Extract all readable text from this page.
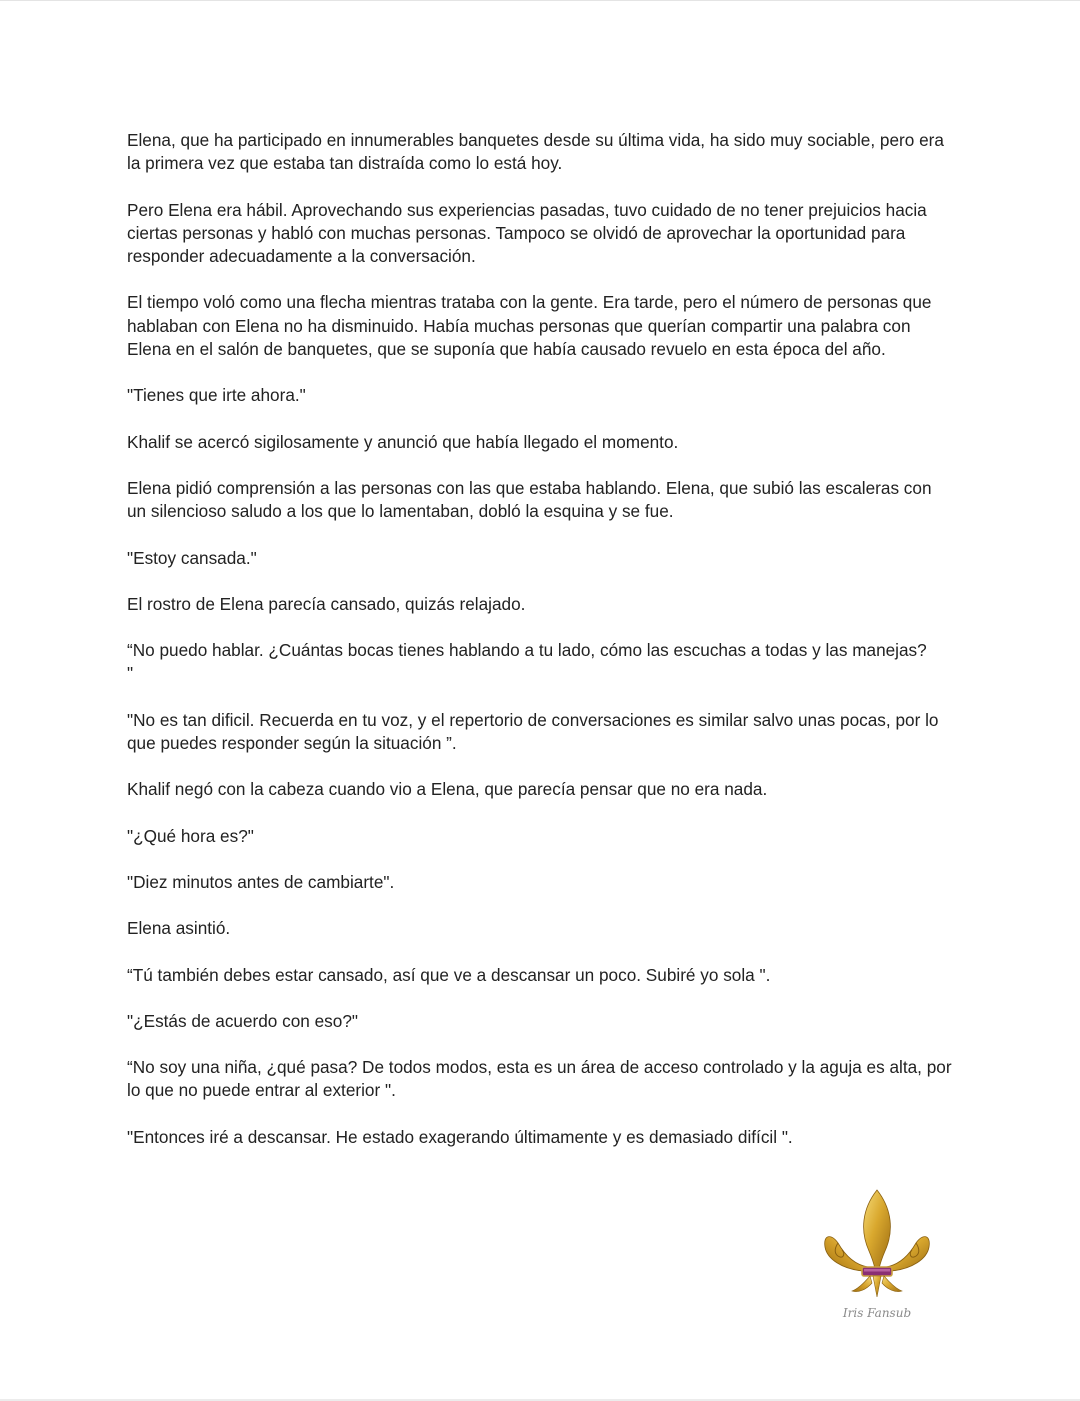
Elena, que ha participado en innumerables banquetes desde su última vida, ha sido muy sociable, pero era la primera vez que estaba tan distraída como lo está hoy.

Pero Elena era hábil. Aprovechando sus experiencias pasadas, tuvo cuidado de no tener prejuicios hacia ciertas personas y habló con muchas personas. Tampoco se olvidó de aprovechar la oportunidad para responder adecuadamente a la conversación.

El tiempo voló como una flecha mientras trataba con la gente. Era tarde, pero el número de personas que hablaban con Elena no ha disminuido. Había muchas personas que querían compartir una palabra con Elena en el salón de banquetes, que se suponía que había causado revuelo en esta época del año.

"Tienes que irte ahora."

Khalif se acercó sigilosamente y anunció que había llegado el momento.

Elena pidió comprensión a las personas con las que estaba hablando. Elena, que subió las escaleras con un silencioso saludo a los que lo lamentaban, dobló la esquina y se fue.

"Estoy cansada."

El rostro de Elena parecía cansado, quizás relajado.

“No puedo hablar. ¿Cuántas bocas tienes hablando a tu lado, cómo las escuchas a todas y las manejas?
"

"No es tan dificil. Recuerda en tu voz, y el repertorio de conversaciones es similar salvo unas pocas, por lo que puedes responder según la situación ”.

Khalif negó con la cabeza cuando vio a Elena, que parecía pensar que no era nada.

"¿Qué hora es?"

"Diez minutos antes de cambiarte".

Elena asintió.

“Tú también debes estar cansado, así que ve a descansar un poco. Subiré yo sola ".

"¿Estás de acuerdo con eso?"

“No soy una niña, ¿qué pasa? De todos modos, esta es un área de acceso controlado y la aguja es alta, por lo que no puede entrar al exterior ".

"Entonces iré a descansar. He estado exagerando últimamente y es demasiado difícil ".

Iris Fansub
